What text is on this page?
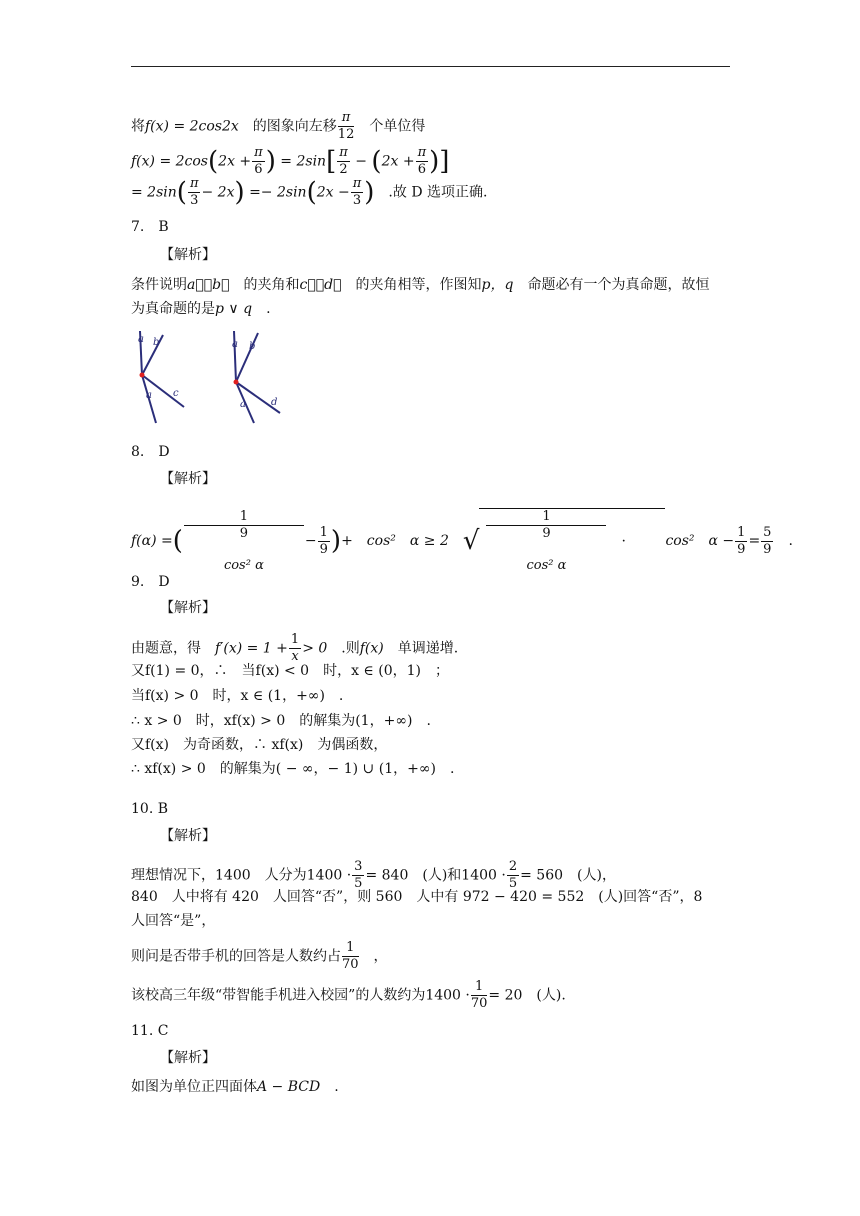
将f(x) = 2cos2x　 的图象向左移 $\frac{\pi}{12}$
　 个单位得
$f(x) = 2\cos(2x + \frac{\pi}{6}$ ) = $2\sin[ \frac{\pi}{2} - (2x + \frac{\pi}{6}$ )]
= $2\sin( \frac{\pi}{3} - 2x) =- 2\sin(2x - \frac{\pi}{3}$ )　 .故 D 选项正确.
7.　B
【解析】
条件说明a⃗，b⃗　 的夹角和c⃗，d⃗　 的夹角相等，作图知p，q　 命题必有一个为真命题，故恒
为真命题的是p ∨ q　 .
a b
a c
a b
a	d
8.　D
【解析】
f(α) =( 1
9

cos² $\alpha - \frac{1}{9}$ )+　cos²　α ≥ 2　 √ 1
9

cos² α
　 ·　	cos²　$\alpha - \frac{1}{9} = \frac{5}{9}$
　 .
9.　D
【解析】
由题意，得　 $f'(x) = 1 + \frac{1}{x} > 0$　 .则f(x)　 单调递增.
又f(1) = 0，∴　当f(x) < 0　时，x ∈ (0，1)　；
当f(x) > 0　时，x ∈ (1，+∞)　.
∴ x > 0　时，xf(x) > 0　的解集为(1，+∞)　.
又f(x)　为奇函数，∴ xf(x)　为偶函数，
∴ xf(x) > 0　的解集为( − ∞，− 1) ∪ (1，+∞)　.
10. B
【解析】
理想情况下，1400　人分为$1400 \cdot \frac{3}{5} = 840$　 (人)和$1400 \cdot \frac{2}{5} = 560$　 (人)，
840　人中将有 420　人回答“否”，则 560　人中有 972 − 420 = 552　(人)回答“否”，8
人回答“是”，
则问是否带手机的回答是人数约占 $\frac{1}{70}$
　 ，
该校高三年级“带智能手机进入校园”的人数约为$1400 \cdot \frac{1}{70} = 20$　 (人).
11. C
【解析】
如图为单位正四面体A − BCD　 .
